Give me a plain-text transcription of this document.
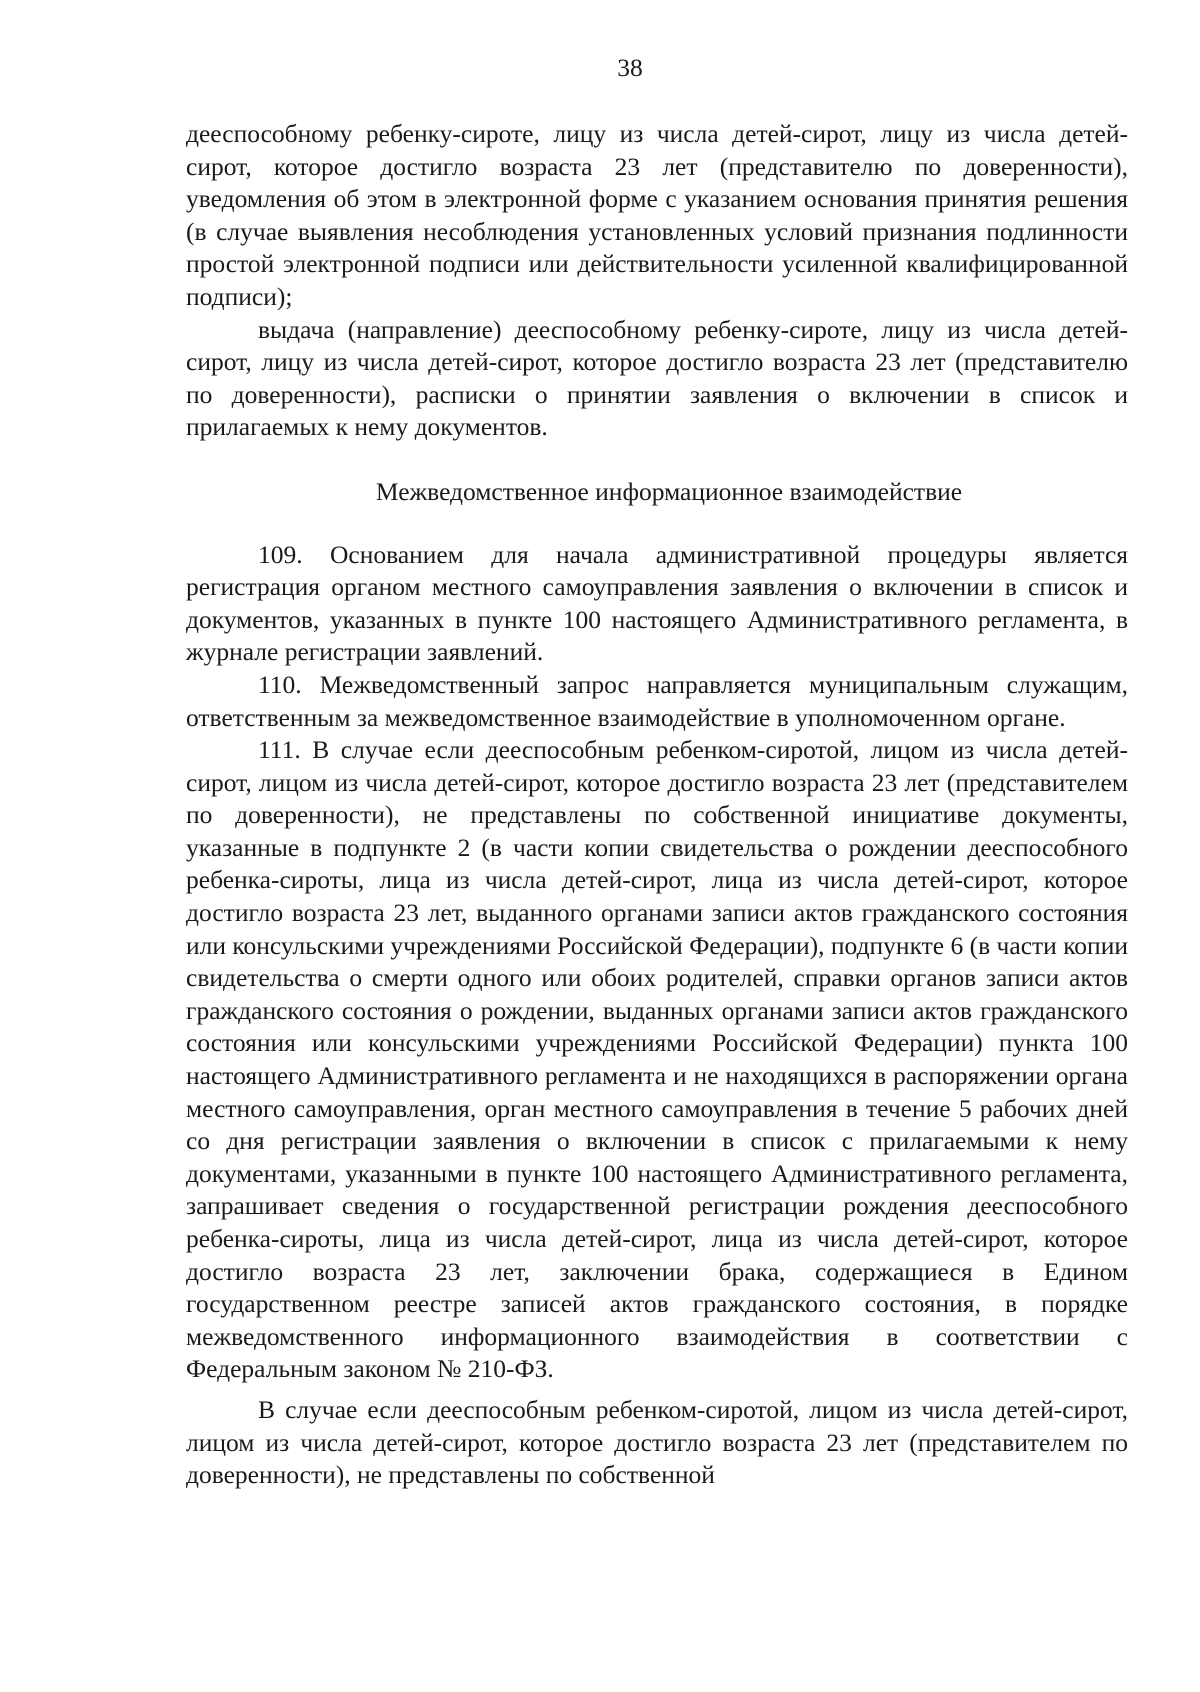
38

дееспособному ребенку-сироте, лицу из числа детей-сирот, лицу из числа детей-сирот, которое достигло возраста 23 лет (представителю по доверенности), уведомления об этом в электронной форме с указанием основания принятия решения (в случае выявления несоблюдения установленных условий признания подлинности простой электронной подписи или действительности усиленной квалифицированной подписи);

выдача (направление) дееспособному ребенку-сироте, лицу из числа детей-сирот, лицу из числа детей-сирот, которое достигло возраста 23 лет (представителю по доверенности), расписки о принятии заявления о включении в список и прилагаемых к нему документов.

Межведомственное информационное взаимодействие

109. Основанием для начала административной процедуры является регистрация органом местного самоуправления заявления о включении в список и документов, указанных в пункте 100 настоящего Административного регламента, в журнале регистрации заявлений.

110. Межведомственный запрос направляется муниципальным служащим, ответственным за межведомственное взаимодействие в уполномоченном органе.

111. В случае если дееспособным ребенком-сиротой, лицом из числа детей-сирот, лицом из числа детей-сирот, которое достигло возраста 23 лет (представителем по доверенности), не представлены по собственной инициативе документы, указанные в подпункте 2 (в части копии свидетельства о рождении дееспособного ребенка-сироты, лица из числа детей-сирот, лица из числа детей-сирот, которое достигло возраста 23 лет, выданного органами записи актов гражданского состояния или консульскими учреждениями Российской Федерации), подпункте 6 (в части копии свидетельства о смерти одного или обоих родителей, справки органов записи актов гражданского состояния о рождении, выданных органами записи актов гражданского состояния или консульскими учреждениями Российской Федерации) пункта 100 настоящего Административного регламента и не находящихся в распоряжении органа местного самоуправления, орган местного самоуправления в течение 5 рабочих дней со дня регистрации заявления о включении в список с прилагаемыми к нему документами, указанными в пункте 100 настоящего Административного регламента, запрашивает сведения о государственной регистрации рождения дееспособного ребенка-сироты, лица из числа детей-сирот, лица из числа детей-сирот, которое достигло возраста 23 лет, заключении брака, содержащиеся в Едином государственном реестре записей актов гражданского состояния, в порядке межведомственного информационного взаимодействия в соответствии с Федеральным законом № 210-ФЗ.

В случае если дееспособным ребенком-сиротой, лицом из числа детей-сирот, лицом из числа детей-сирот, которое достигло возраста 23 лет (представителем по доверенности), не представлены по собственной
